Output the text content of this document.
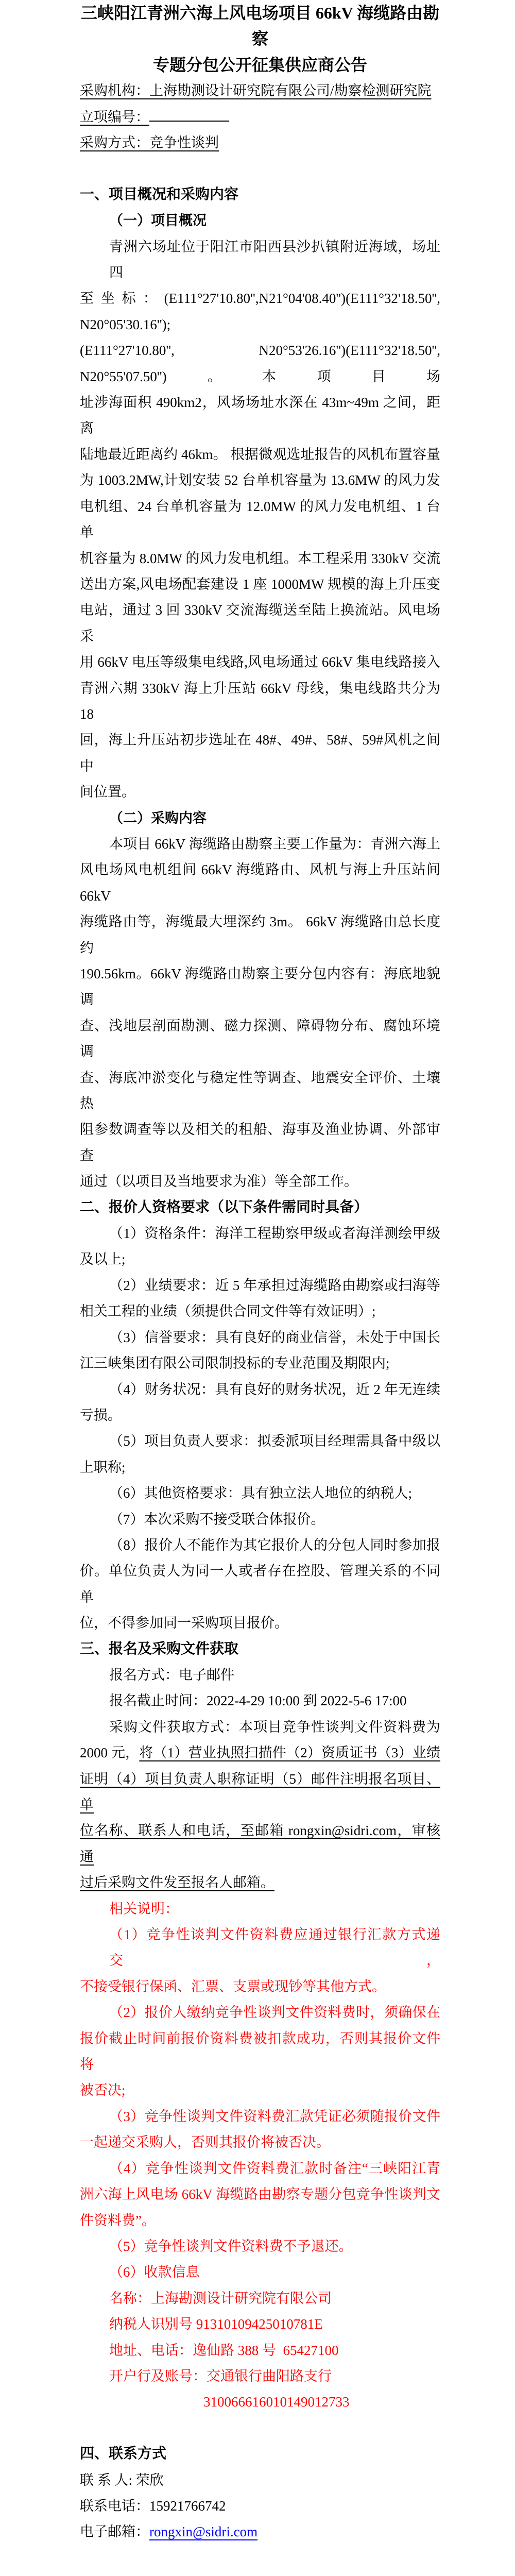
三峡阳江青洲六海上风电场项目 66kV 海缆路由勘察
专题分包公开征集供应商公告
采购机构：上海勘测设计研究院有限公司/勘察检测研究院
立项编号：
采购方式：竞争性谈判
一、项目概况和采购内容
（一）项目概况
青洲六场址位于阳江市阳西县沙扒镇附近海域，场址四
至坐标：(E111°27'10.80'',N21°04'08.40'')(E111°32'18.50'', N20°05'30.16'');
(E111°27'10.80'', N20°53'26.16'')(E111°32'18.50'', N20°55'07.50'')。本项目场
址涉海面积 490km2，风场场址水深在 43m~49m 之间，距离
陆地最近距离约 46km。 根据微观选址报告的风机布置容量
为 1003.2MW,计划安装 52 台单机容量为 13.6MW 的风力发
电机组、24 台单机容量为 12.0MW 的风力发电机组、1 台单
机容量为 8.0MW 的风力发电机组。本工程采用 330kV 交流
送出方案,风电场配套建设 1 座 1000MW 规模的海上升压变
电站，通过 3 回 330kV 交流海缆送至陆上换流站。风电场采
用 66kV 电压等级集电线路,风电场通过 66kV 集电线路接入
青洲六期 330kV 海上升压站 66kV 母线，集电线路共分为 18
回，海上升压站初步选址在 48#、49#、58#、59#风机之间中
间位置。
（二）采购内容
本项目 66kV 海缆路由勘察主要工作量为：青洲六海上
风电场风电机组间 66kV 海缆路由、风机与海上升压站间 66kV
海缆路由等，海缆最大埋深约 3m。 66kV 海缆路由总长度约
190.56km。66kV 海缆路由勘察主要分包内容有：海底地貌调
查、浅地层剖面勘测、磁力探测、障碍物分布、腐蚀环境调
查、海底冲淤变化与稳定性等调查、地震安全评价、土壤热
阻参数调查等以及相关的租船、海事及渔业协调、外部审查
通过（以项目及当地要求为准）等全部工作。
二、报价人资格要求（以下条件需同时具备）
（1）资格条件：海洋工程勘察甲级或者海洋测绘甲级
及以上;
（2）业绩要求：近 5 年承担过海缆路由勘察或扫海等
相关工程的业绩（须提供合同文件等有效证明）;
（3）信誉要求：具有良好的商业信誉，未处于中国长
江三峡集团有限公司限制投标的专业范围及期限内;
（4）财务状况：具有良好的财务状况，近 2 年无连续
亏损。
（5）项目负责人要求：拟委派项目经理需具备中级以
上职称;
（6）其他资格要求：具有独立法人地位的纳税人;
（7）本次采购不接受联合体报价。
（8）报价人不能作为其它报价人的分包人同时参加报
价。单位负责人为同一人或者存在控股、管理关系的不同单
位，不得参加同一采购项目报价。
三、报名及采购文件获取
报名方式：电子邮件
报名截止时间：2022-4-29 10:00 到 2022-5-6 17:00
采购文件获取方式：本项目竞争性谈判文件资料费为
2000 元，将（1）营业执照扫描件（2）资质证书（3）业绩
证明（4）项目负责人职称证明（5）邮件注明报名项目、单
位名称、联系人和电话，至邮箱 rongxin@sidri.com，审核通
过后采购文件发至报名人邮箱。
相关说明：
（1）竞争性谈判文件资料费应通过银行汇款方式递交，
不接受银行保函、汇票、支票或现钞等其他方式。
（2）报价人缴纳竞争性谈判文件资料费时，须确保在
报价截止时间前报价资料费被扣款成功，否则其报价文件将
被否决;
（3）竞争性谈判文件资料费汇款凭证必须随报价文件
一起递交采购人，否则其报价将被否决。
（4）竞争性谈判文件资料费汇款时备注“三峡阳江青
洲六海上风电场 66kV 海缆路由勘察专题分包竞争性谈判文
件资料费”。
（5）竞争性谈判文件资料费不予退还。
（6）收款信息
名称：上海勘测设计研究院有限公司
纳税人识别号 91310109425010781E
地址、电话：逸仙路 388 号  65427100
开户行及账号：交通银行曲阳路支行
310066616010149012733
四、联系方式
联 系 人: 荣欣
联系电话：15921766742
电子邮箱：rongxin@sidri.com
